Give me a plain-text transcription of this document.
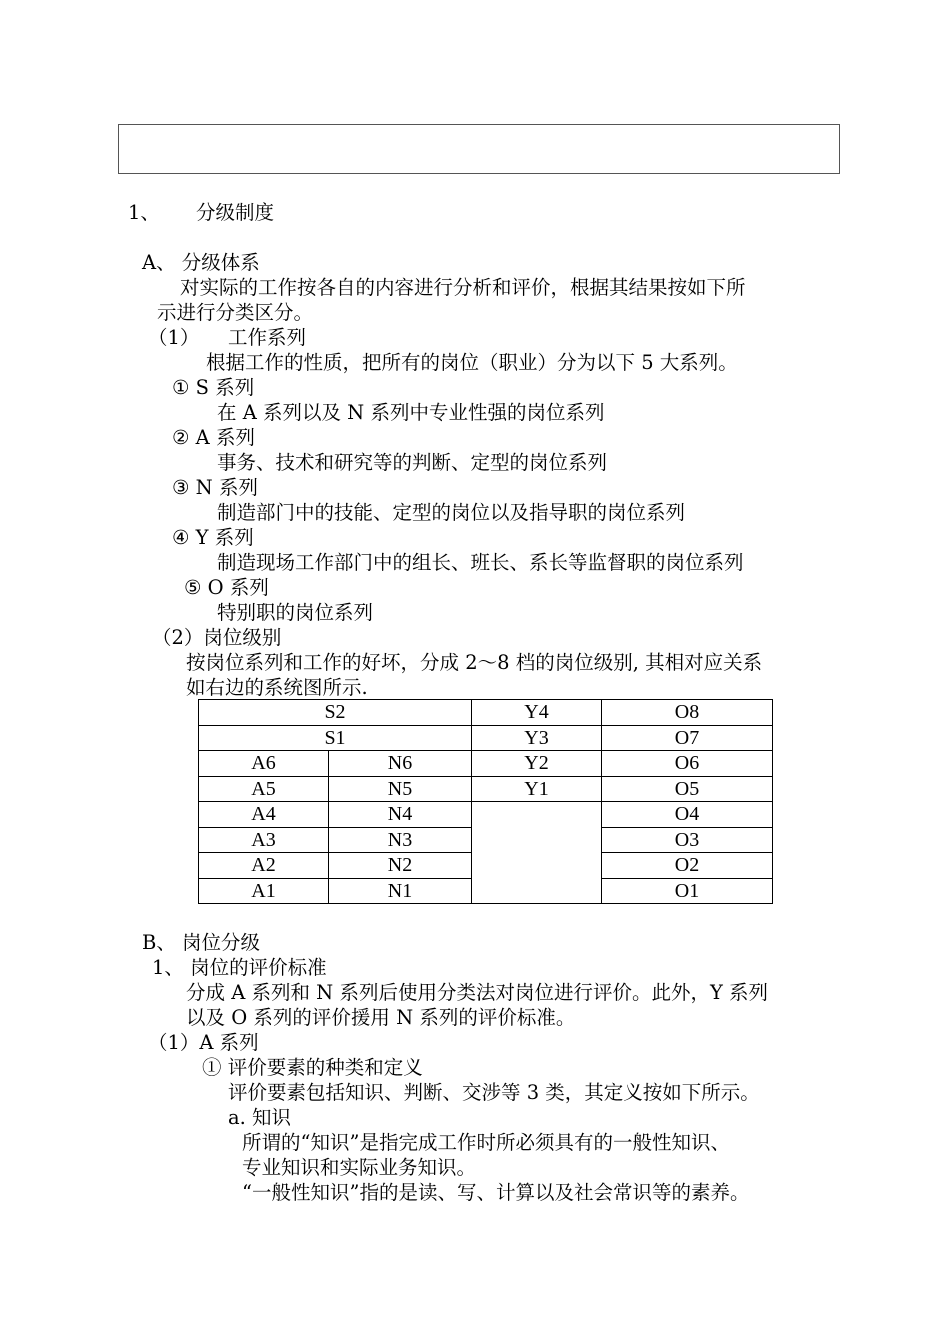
1、 分级制度
A、 分级体系
对实际的工作按各自的内容进行分析和评价，根据其结果按如下所
示进行分类区分。
（1） 工作系列
根据工作的性质，把所有的岗位（职业）分为以下 5 大系列。
① S 系列
在 A 系列以及 N 系列中专业性强的岗位系列
② A 系列
事务、技术和研究等的判断、定型的岗位系列
③ N 系列
制造部门中的技能、定型的岗位以及指导职的岗位系列
④ Y 系列
制造现场工作部门中的组长、班长、系长等监督职的岗位系列
⑤ O 系列
特别职的岗位系列
（2）岗位级别
按岗位系列和工作的好坏，分成 2～8 档的岗位级别, 其相对应关系
如右边的系统图所示.
S2		Y4	O8
S1		Y3	O7
A6	N6	Y2	O6
A5	N5	Y1	O5
A4	N4		O4
A3	N3		O3
A2	N2		O2
A1	N1		O1
B、 岗位分级
1、 岗位的评价标准
分成 A 系列和 N 系列后使用分类法对岗位进行评价。此外，Y 系列
以及 O 系列的评价援用 N 系列的评价标准。
（1）A 系列
① 评价要素的种类和定义
评价要素包括知识、判断、交涉等 3 类，其定义按如下所示。
a. 知识
所谓的“知识”是指完成工作时所必须具有的一般性知识、
专业知识和实际业务知识。
“一般性知识”指的是读、写、计算以及社会常识等的素养。
